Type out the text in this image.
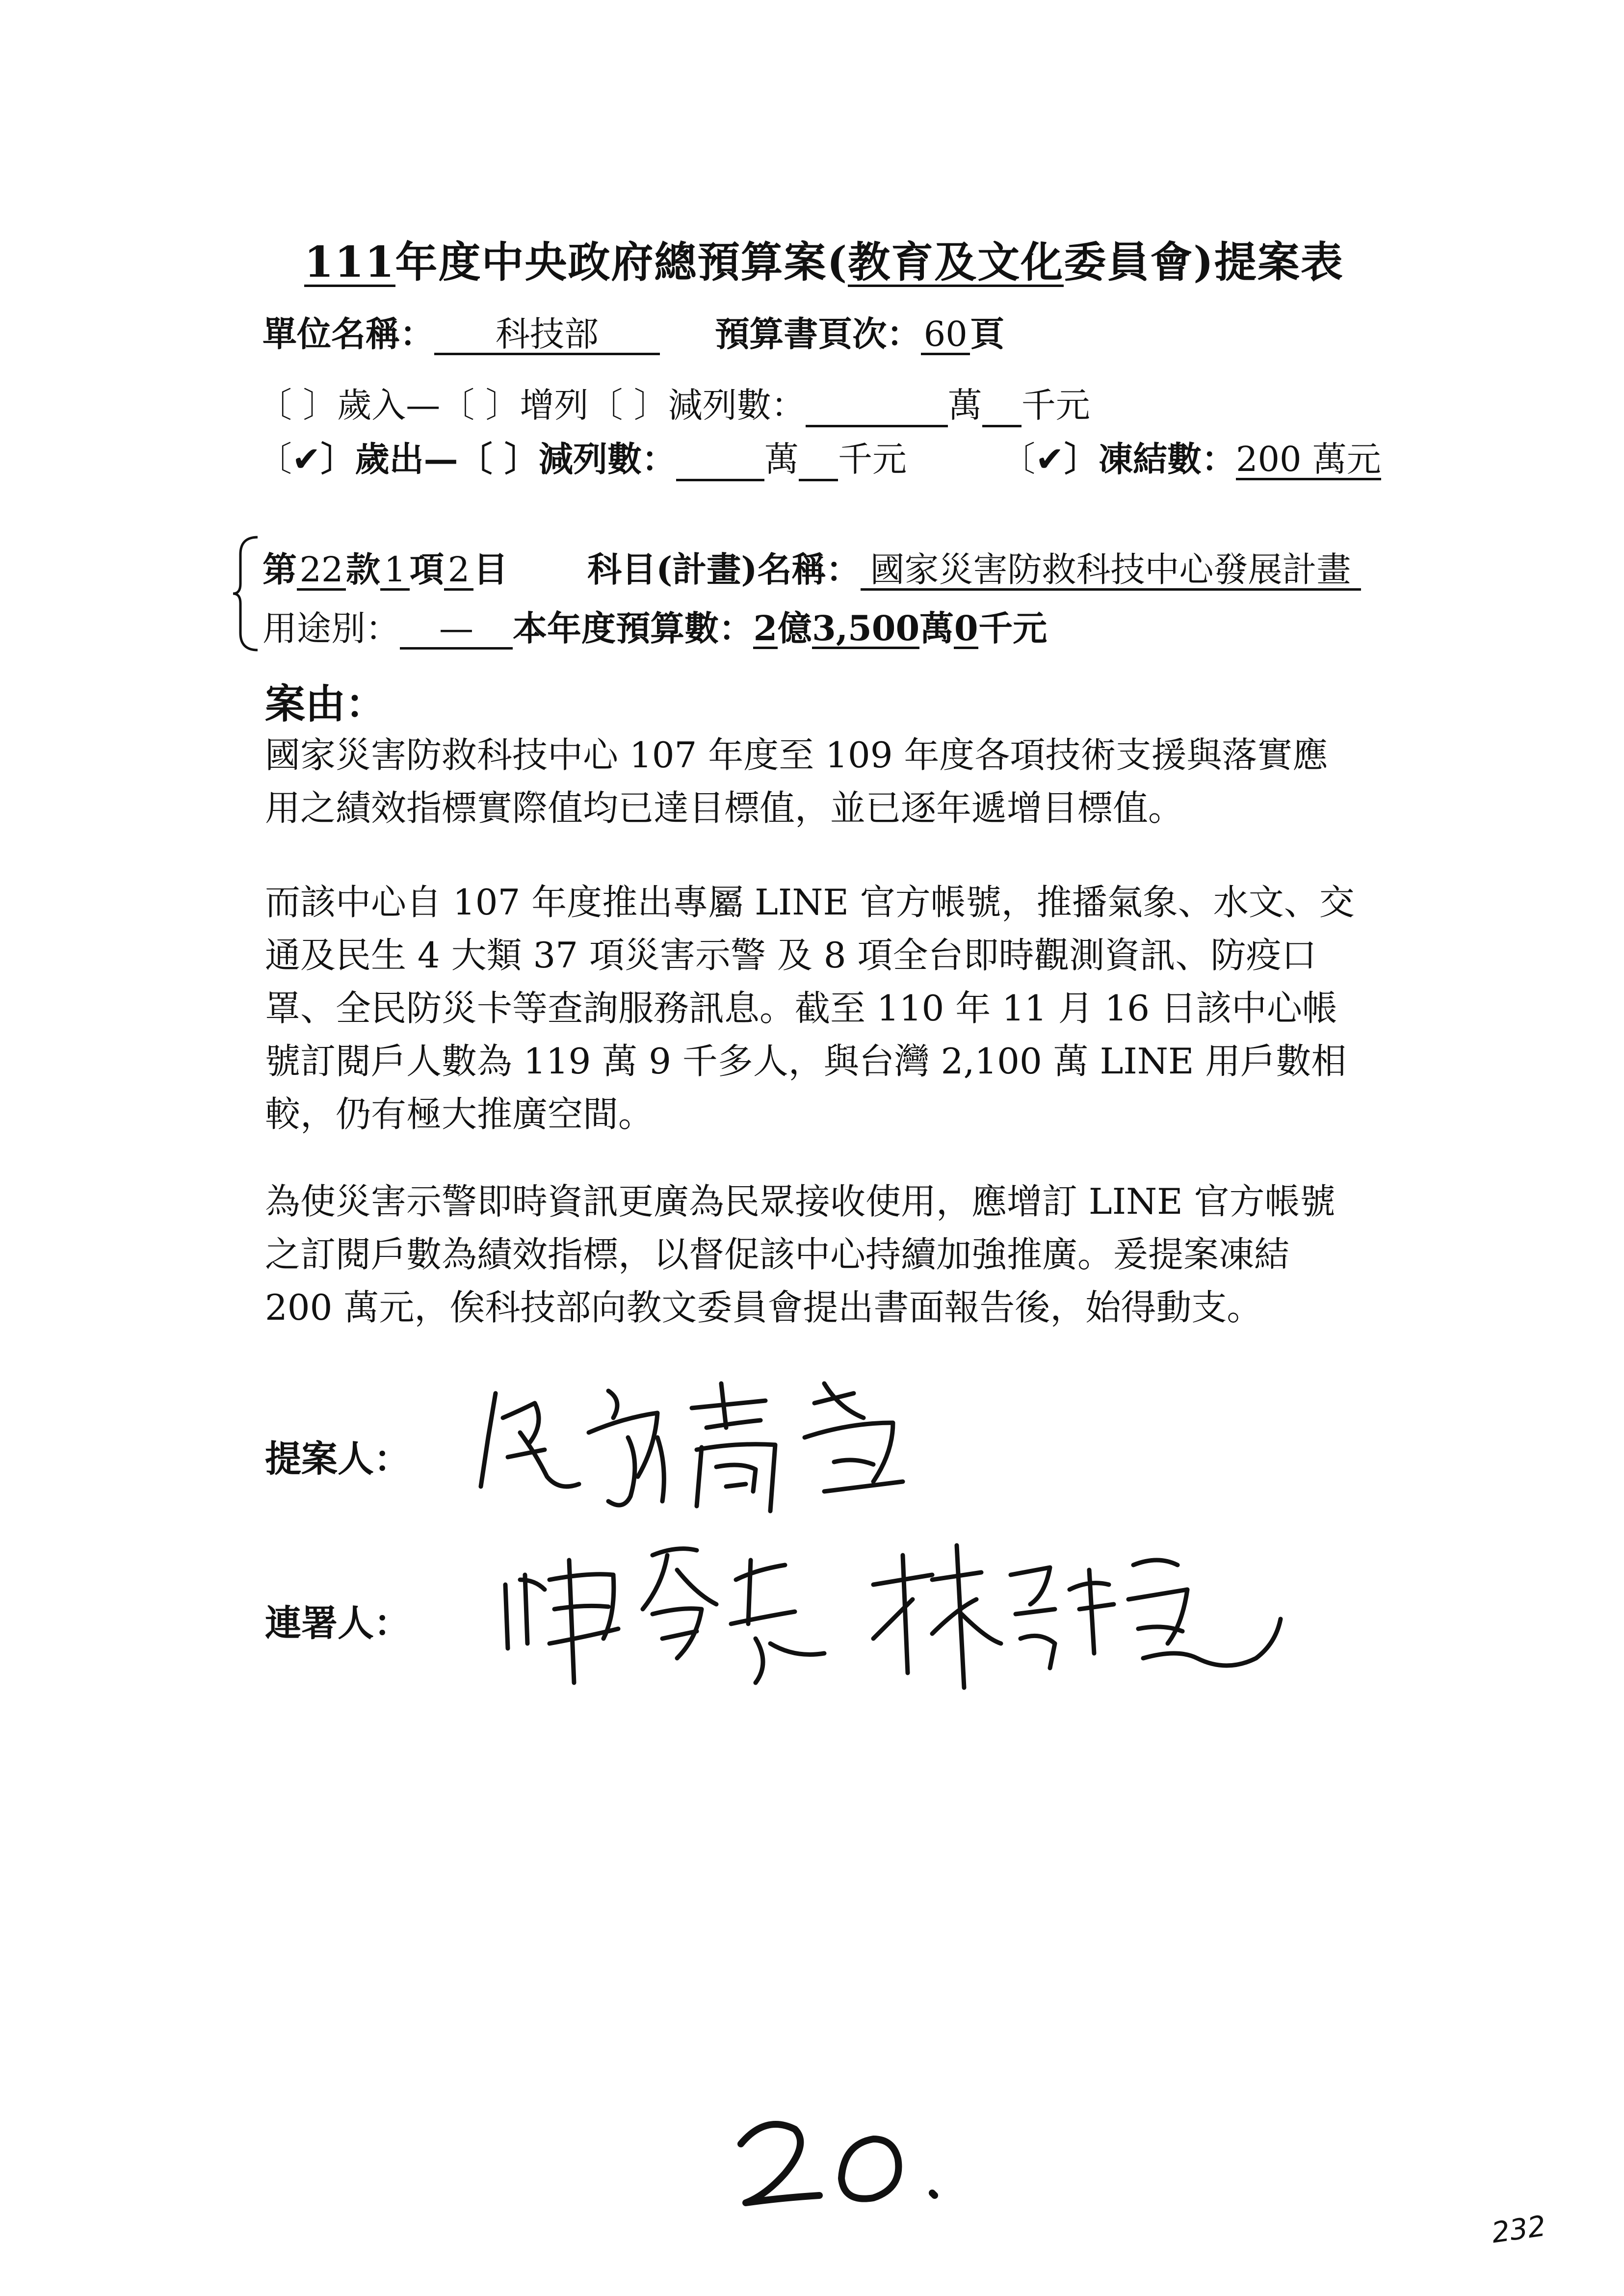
111年度中央政府總預算案(教育及文化委員會)提案表
單位名稱： 科技部	預算書頁次：60頁
〔 〕歲入—〔 〕增列〔 〕減列數：	萬 千元
〔✔〕歲出—〔 〕減列數：	萬 千元	〔✔〕凍結數：200 萬元
第22款 1 項 2 目 科目(計畫)名稱： 國家災害防救科技中心發展計畫
用途別： — 本年度預算數：2億3,500萬0千元
案由：
國家災害防救科技中心 107 年度至 109 年度各項技術支援與落實應
用之績效指標實際值均已達目標值，並已逐年遞增目標值。
而該中心自 107 年度推出專屬 LINE 官方帳號，推播氣象、水文、交
通及民生 4 大類 37 項災害示警 及 8 項全台即時觀測資訊、防疫口
罩、全民防災卡等查詢服務訊息。截至 110 年 11 月 16 日該中心帳
號訂閱戶人數為 119 萬 9 千多人，與台灣 2,100 萬 LINE 用戶數相
較，仍有極大推廣空間。
為使災害示警即時資訊更廣為民眾接收使用，應增訂 LINE 官方帳號
之訂閱戶數為績效指標，以督促該中心持續加強推廣。爰提案凍結
200 萬元，俟科技部向教文委員會提出書面報告後，始得動支。
提案人：
連署人：
232
